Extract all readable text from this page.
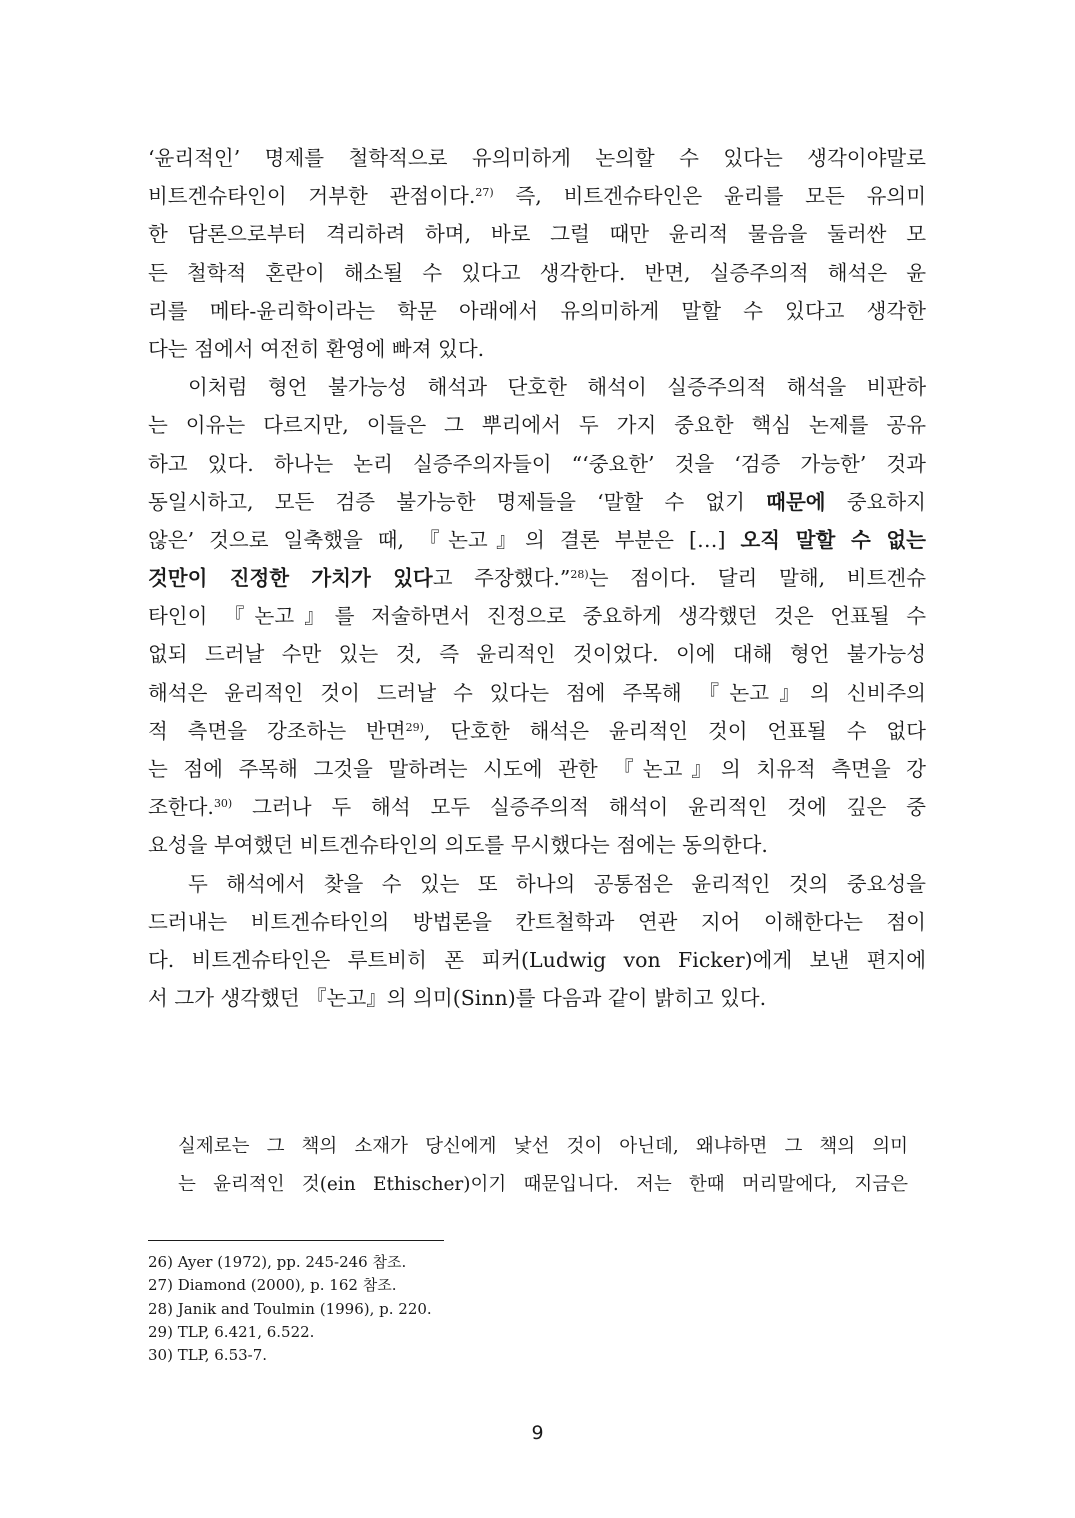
‘윤리적인’ 명제를 철학적으로 유의미하게 논의할 수 있다는 생각이야말로
비트겐슈타인이 거부한 관점이다.$^{27)}$ 즉, 비트겐슈타인은 윤리를 모든 유의미
한 담론으로부터 격리하려 하며, 바로 그럴 때만 윤리적 물음을 둘러싼 모
든 철학적 혼란이 해소될 수 있다고 생각한다. 반면, 실증주의적 해석은 윤
리를 메타-윤리학이라는 학문 아래에서 유의미하게 말할 수 있다고 생각한
다는 점에서 여전히 환영에 빠져 있다.
이처럼 형언 불가능성 해석과 단호한 해석이 실증주의적 해석을 비판하
는 이유는 다르지만, 이들은 그 뿌리에서 두 가지 중요한 핵심 논제를 공유
하고 있다. 하나는 논리 실증주의자들이 “‘중요한’ 것을 ‘검증 가능한’ 것과
동일시하고, 모든 검증 불가능한 명제들을 ‘말할 수 없기 때문에 중요하지
않은’ 것으로 일축했을 때, 『논고』의 결론 부분은 […] 오직 말할 수 없는
것만이 진정한 가치가 있다고 주장했다.”$^{28)}$는 점이다. 달리 말해, 비트겐슈
타인이 『논고』를 저술하면서 진정으로 중요하게 생각했던 것은 언표될 수
없되 드러날 수만 있는 것, 즉 윤리적인 것이었다. 이에 대해 형언 불가능성
해석은 윤리적인 것이 드러날 수 있다는 점에 주목해 『논고』의 신비주의
적 측면을 강조하는 반면$^{29)}$, 단호한 해석은 윤리적인 것이 언표될 수 없다
는 점에 주목해 그것을 말하려는 시도에 관한 『논고』의 치유적 측면을 강
조한다.$^{30)}$ 그러나 두 해석 모두 실증주의적 해석이 윤리적인 것에 깊은 중
요성을 부여했던 비트겐슈타인의 의도를 무시했다는 점에는 동의한다.
두 해석에서 찾을 수 있는 또 하나의 공통점은 윤리적인 것의 중요성을
드러내는 비트겐슈타인의 방법론을 칸트철학과 연관 지어 이해한다는 점이
다. 비트겐슈타인은 루트비히 폰 피커(Ludwig von Ficker)에게 보낸 편지에
서 그가 생각했던 『논고』의 의미(Sinn)를 다음과 같이 밝히고 있다.
실제로는 그 책의 소재가 당신에게 낯선 것이 아닌데, 왜냐하면 그 책의 의미
는 윤리적인 것(ein Ethischer)이기 때문입니다. 저는 한때 머리말에다, 지금은
26) Ayer (1972), pp. 245-246 참조.
27) Diamond (2000), p. 162 참조.
28) Janik and Toulmin (1996), p. 220.
29) TLP, 6.421, 6.522.
30) TLP, 6.53-7.
9
